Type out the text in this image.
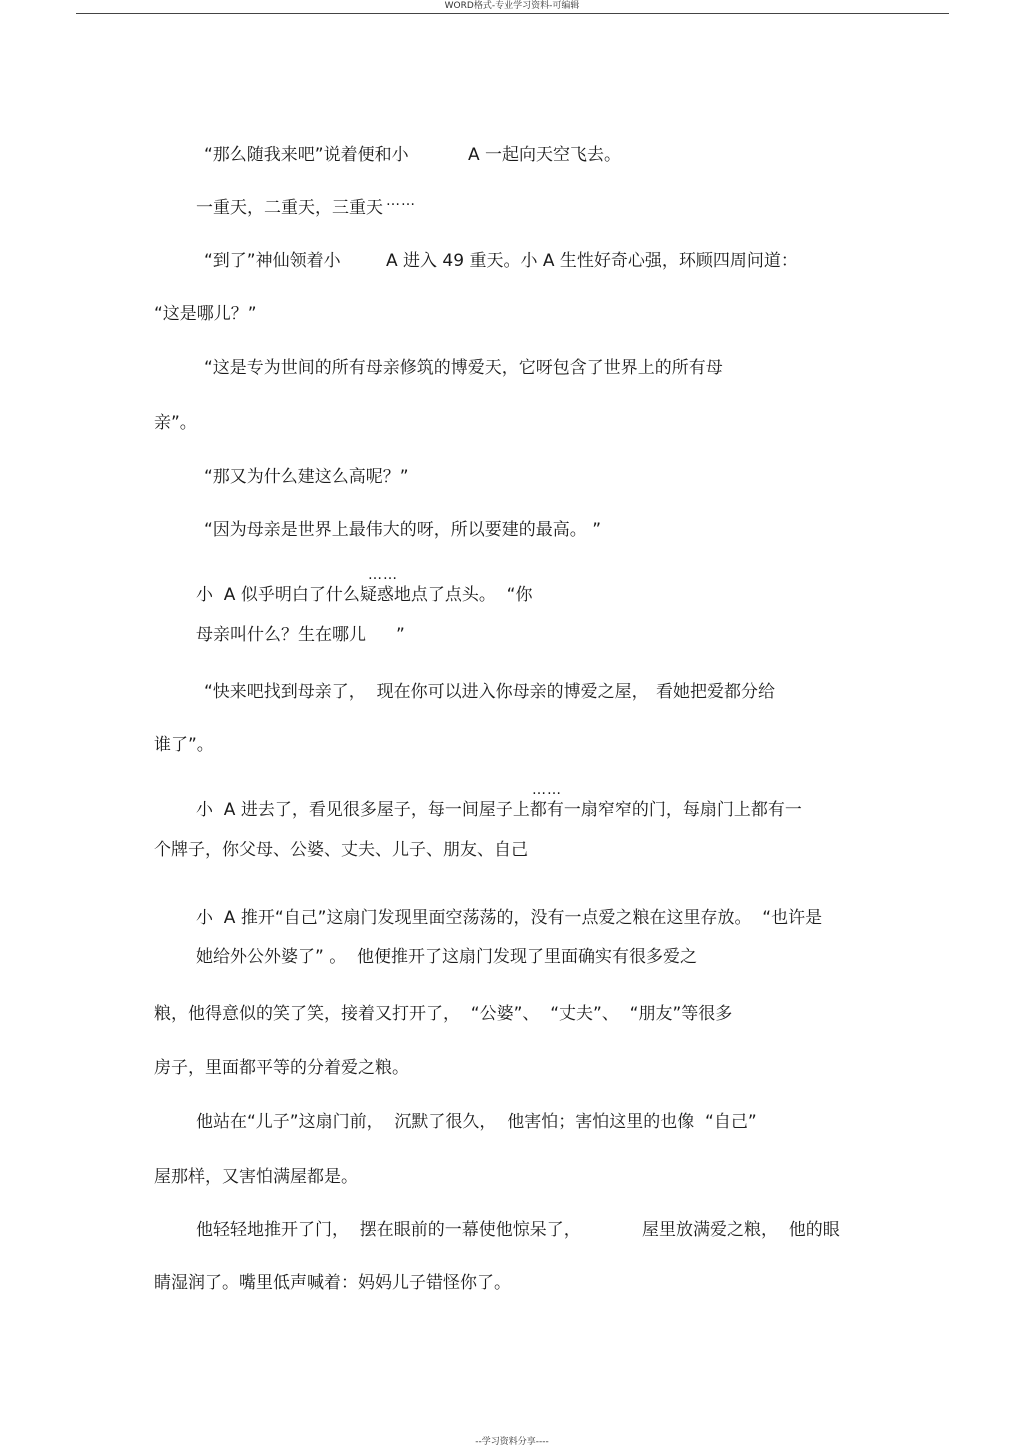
WORD格式-专业学习资料-可编辑
“那么随我来吧”说着便和小	A 一起向天空飞去。
一重天，二重天，三重天 ……
“到了”神仙领着小	A 进入 49 重天。小 A 生性好奇心强，环顾四周问道：
“这是哪儿？”
“这是专为世间的所有母亲修筑的博爱天，它呀包含了世界上的所有母
亲”。
“那又为什么建这么高呢？”
“因为母亲是世界上最伟大的呀，所以要建的最高。 ”
……
小  A 似乎明白了什么疑惑地点了点头。  “你
母亲叫什么？生在哪儿 ”
“快来吧找到母亲了，  现在你可以进入你母亲的博爱之屋， 看她把爱都分给
谁了”。
……
小  A 进去了，看见很多屋子，每一间屋子上都有一扇窄窄的门，每扇门上都有一
个牌子，你父母、公婆、丈夫、儿子、朋友、自己
小  A 推开“自己”这扇门发现里面空荡荡的，没有一点爱之粮在这里存放。  “也许是
她给外公外婆了” 。  他便推开了这扇门发现了里面确实有很多爱之
粮，他得意似的笑了笑，接着又打开了，  “公婆”、  “丈夫”、  “朋友”等很多
房子，里面都平等的分着爱之粮。
他站在“儿子”这扇门前，  沉默了很久，  他害怕；害怕这里的也像  “自己”
屋那样，又害怕满屋都是。
他轻轻地推开了门，  摆在眼前的一幕使他惊呆了，	屋里放满爱之粮，  他的眼
睛湿润了。嘴里低声喊着：妈妈儿子错怪你了。
--学习资料分享----
